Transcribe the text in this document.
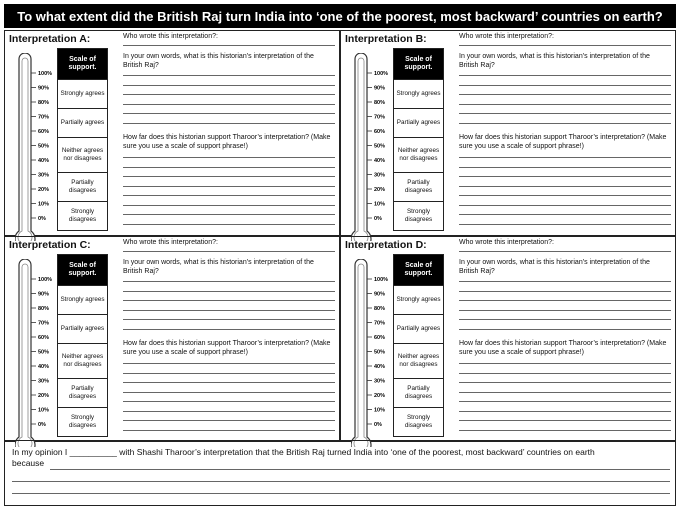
To what extent did the British Raj turn India into ‘one of the poorest, most backward’ countries on earth?
Interpretation A:
100%
90%
80%
70%
60%
50%
40%
30%
20%
10%
0%
Scale of support.
Strongly agrees
Partially agrees
Neither agrees nor disagrees
Partially disagrees
Strongly disagrees
Who wrote this interpretation?:
In your own words, what is this historian’s interpretation of the British Raj?
How far does this historian support Tharoor’s interpretation? (Make sure you use a scale of support phrase!)
Interpretation B:
100%
90%
80%
70%
60%
50%
40%
30%
20%
10%
0%
Scale of support.
Strongly agrees
Partially agrees
Neither agrees nor disagrees
Partially disagrees
Strongly disagrees
Who wrote this interpretation?:
In your own words, what is this historian’s interpretation of the British Raj?
How far does this historian support Tharoor’s interpretation? (Make sure you use a scale of support phrase!)
Interpretation C:
100%
90%
80%
70%
60%
50%
40%
30%
20%
10%
0%
Scale of support.
Strongly agrees
Partially agrees
Neither agrees nor disagrees
Partially disagrees
Strongly disagrees
Who wrote this interpretation?:
In your own words, what is this historian’s interpretation of the British Raj?
How far does this historian support Tharoor’s interpretation? (Make sure you use a scale of support phrase!)
Interpretation D:
100%
90%
80%
70%
60%
50%
40%
30%
20%
10%
0%
Scale of support.
Strongly agrees
Partially agrees
Neither agrees nor disagrees
Partially disagrees
Strongly disagrees
Who wrote this interpretation?:
In your own words, what is this historian’s interpretation of the British Raj?
How far does this historian support Tharoor’s interpretation? (Make sure you use a scale of support phrase!)
In my opinion I __________ with Shashi Tharoor’s interpretation that the British Raj turned India into ‘one of the poorest, most backward’ countries on earth
because
